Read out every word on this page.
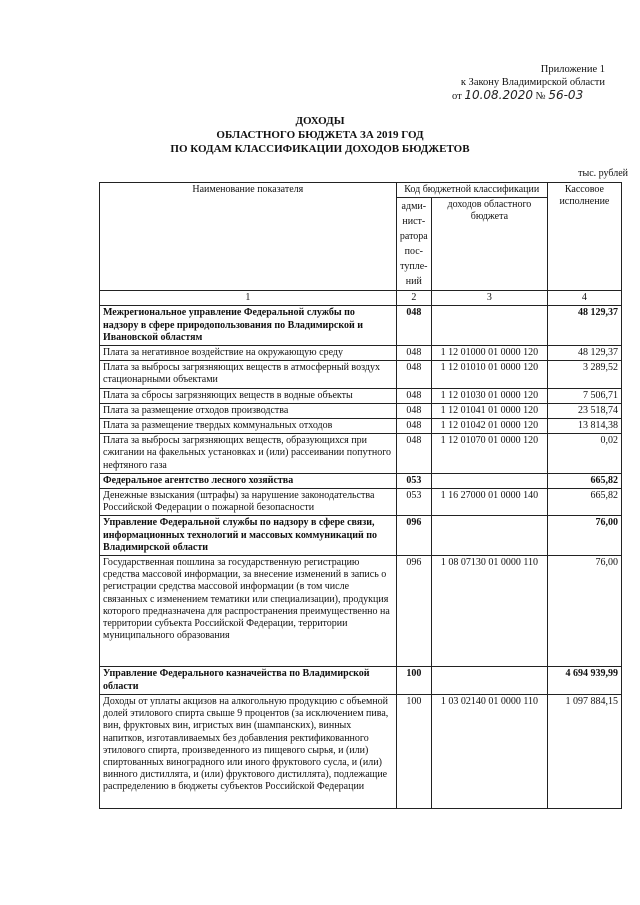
Приложение 1
к Закону Владимирской области
от 10.08.2020 № 56-03
ДОХОДЫ
ОБЛАСТНОГО БЮДЖЕТА ЗА 2019 ГОД
ПО КОДАМ КЛАССИФИКАЦИИ ДОХОДОВ БЮДЖЕТОВ
тыс. рублей
Наименование показателя	Код бюджетной классификации		Кассовое исполнение
	адми-нист-ратора пос-тупле-ний	доходов областного бюджета	
1	2	3	4
Межрегиональное управление Федеральной службы по надзору в сфере природопользования по Владимирской и Ивановской областям	048		48 129,37
Плата за негативное воздействие на окружающую среду	048	1 12 01000 01 0000 120	48 129,37
Плата за выбросы загрязняющих веществ в атмосферный воздух стационарными объектами	048	1 12 01010 01 0000 120	3 289,52
Плата за сбросы загрязняющих веществ в водные объекты	048	1 12 01030 01 0000 120	7 506,71
Плата за размещение отходов производства	048	1 12 01041 01 0000 120	23 518,74
Плата за размещение твердых коммунальных отходов	048	1 12 01042 01 0000 120	13 814,38
Плата за выбросы загрязняющих веществ, образующихся при сжигании на факельных установках и (или) рассеивании попутного нефтяного газа	048	1 12 01070 01 0000 120	0,02
Федеральное агентство лесного хозяйства	053		665,82
Денежные взыскания (штрафы) за нарушение законодательства Российской Федерации о пожарной безопасности	053	1 16 27000 01 0000 140	665,82
Управление Федеральной службы по надзору в сфере связи, информационных технологий и массовых коммуникаций по Владимирской области	096		76,00
Государственная пошлина за государственную регистрацию средства массовой информации, за внесение изменений в запись о регистрации средства массовой информации (в том числе связанных с изменением тематики или специализации), продукция которого предназначена для распространения преимущественно на территории субъекта Российской Федерации, территории муниципального образования	096	1 08 07130 01 0000 110	76,00
Управление Федерального казначейства по Владимирской области	100		4 694 939,99
Доходы от уплаты акцизов на алкогольную продукцию с объемной долей этилового спирта свыше 9 процентов (за исключением пива, вин, фруктовых вин, игристых вин (шампанских), винных напитков, изготавливаемых без добавления ректификованного этилового спирта, произведенного из пищевого сырья, и (или) спиртованных виноградного или иного фруктового сусла, и (или) винного дистиллята, и (или) фруктового дистиллята), подлежащие распределению в бюджеты субъектов Российской Федерации	100	1 03 02140 01 0000 110	1 097 884,15
